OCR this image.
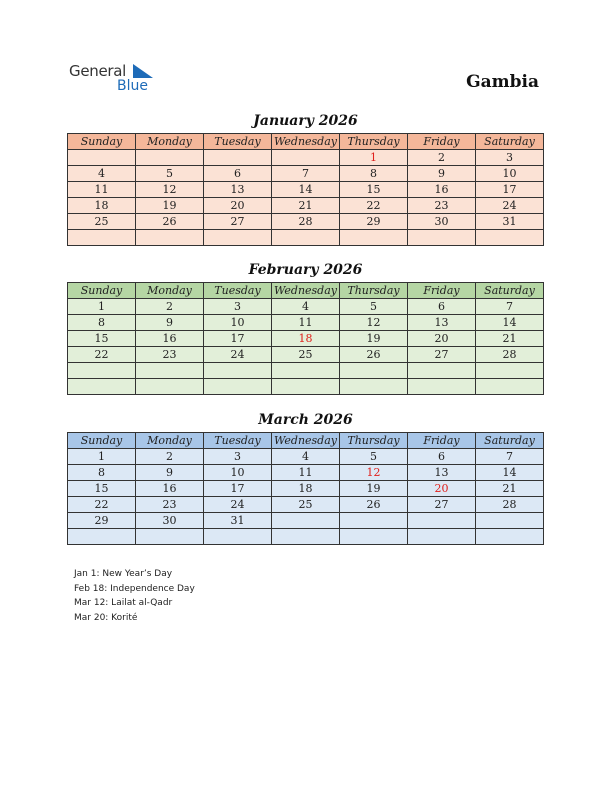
General
Blue	Gambia
January 2026
Sunday	Monday	Tuesday	Wednesday	Thursday	Friday	Saturday
				1	2	3
4	5	6	7	8	9	10
11	12	13	14	15	16	17
18	19	20	21	22	23	24
25	26	27	28	29	30	31

February 2026
Sunday	Monday	Tuesday	Wednesday	Thursday	Friday	Saturday
1	2	3	4	5	6	7
8	9	10	11	12	13	14
15	16	17	18	19	20	21
22	23	24	25	26	27	28

March 2026
Sunday	Monday	Tuesday	Wednesday	Thursday	Friday	Saturday
1	2	3	4	5	6	7
8	9	10	11	12	13	14
15	16	17	18	19	20	21
22	23	24	25	26	27	28
29	30	31				

Jan 1: New Year’s Day
Feb 18: Independence Day
Mar 12: Lailat al-Qadr
Mar 20: Korité
